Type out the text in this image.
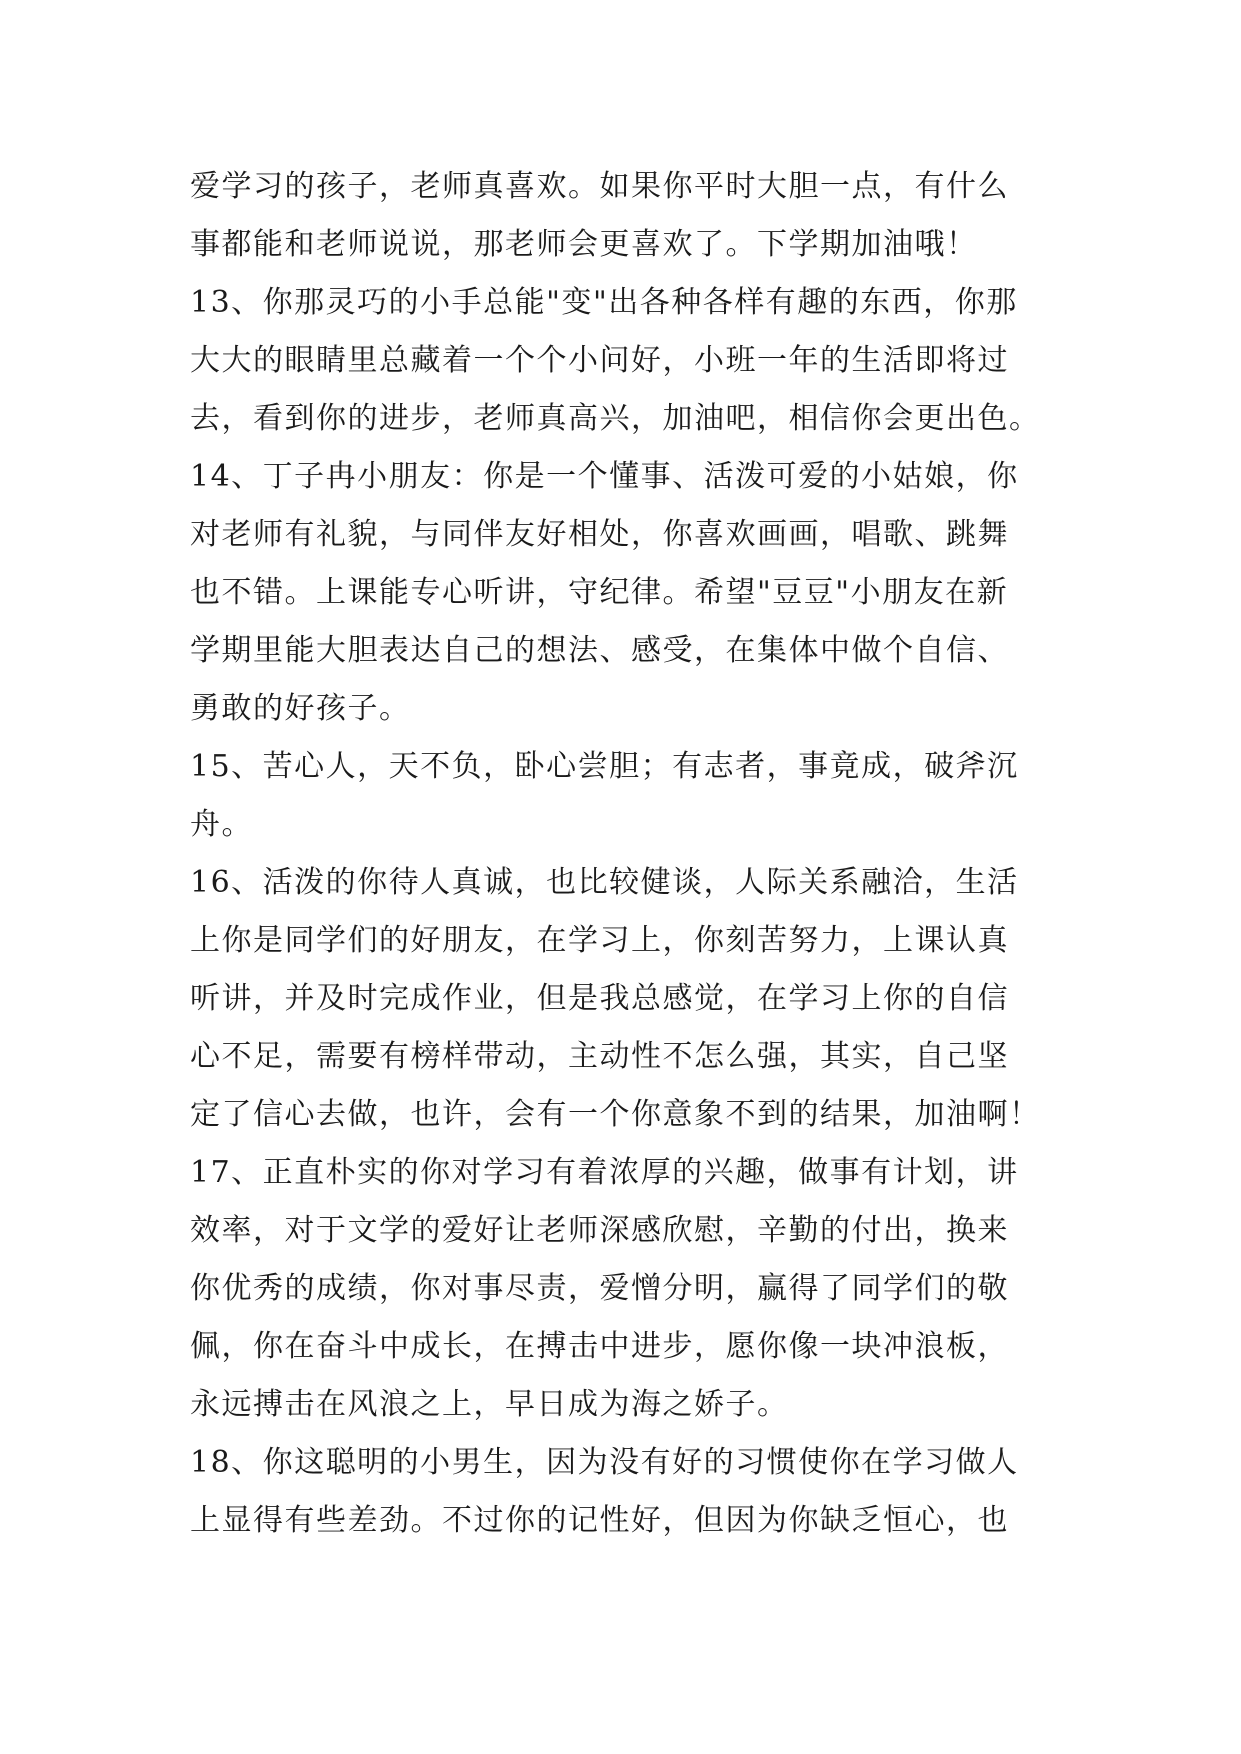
爱学习的孩子，老师真喜欢。如果你平时大胆一点，有什么
事都能和老师说说，那老师会更喜欢了。下学期加油哦！
13、你那灵巧的小手总能"变"出各种各样有趣的东西，你那
大大的眼睛里总藏着一个个小问好，小班一年的生活即将过
去，看到你的进步，老师真高兴，加油吧，相信你会更出色。
14、丁子冉小朋友：你是一个懂事、活泼可爱的小姑娘，你
对老师有礼貌，与同伴友好相处，你喜欢画画，唱歌、跳舞
也不错。上课能专心听讲，守纪律。希望"豆豆"小朋友在新
学期里能大胆表达自己的想法、感受，在集体中做个自信、
勇敢的好孩子。
15、苦心人，天不负，卧心尝胆；有志者，事竟成，破斧沉
舟。
16、活泼的你待人真诚，也比较健谈，人际关系融洽，生活
上你是同学们的好朋友，在学习上，你刻苦努力，上课认真
听讲，并及时完成作业，但是我总感觉，在学习上你的自信
心不足，需要有榜样带动，主动性不怎么强，其实，自己坚
定了信心去做，也许，会有一个你意象不到的结果，加油啊！
17、正直朴实的你对学习有着浓厚的兴趣，做事有计划，讲
效率，对于文学的爱好让老师深感欣慰，辛勤的付出，换来
你优秀的成绩，你对事尽责，爱憎分明，赢得了同学们的敬
佩，你在奋斗中成长，在搏击中进步，愿你像一块冲浪板，
永远搏击在风浪之上，早日成为海之娇子。
18、你这聪明的小男生，因为没有好的习惯使你在学习做人
上显得有些差劲。不过你的记性好，但因为你缺乏恒心，也
